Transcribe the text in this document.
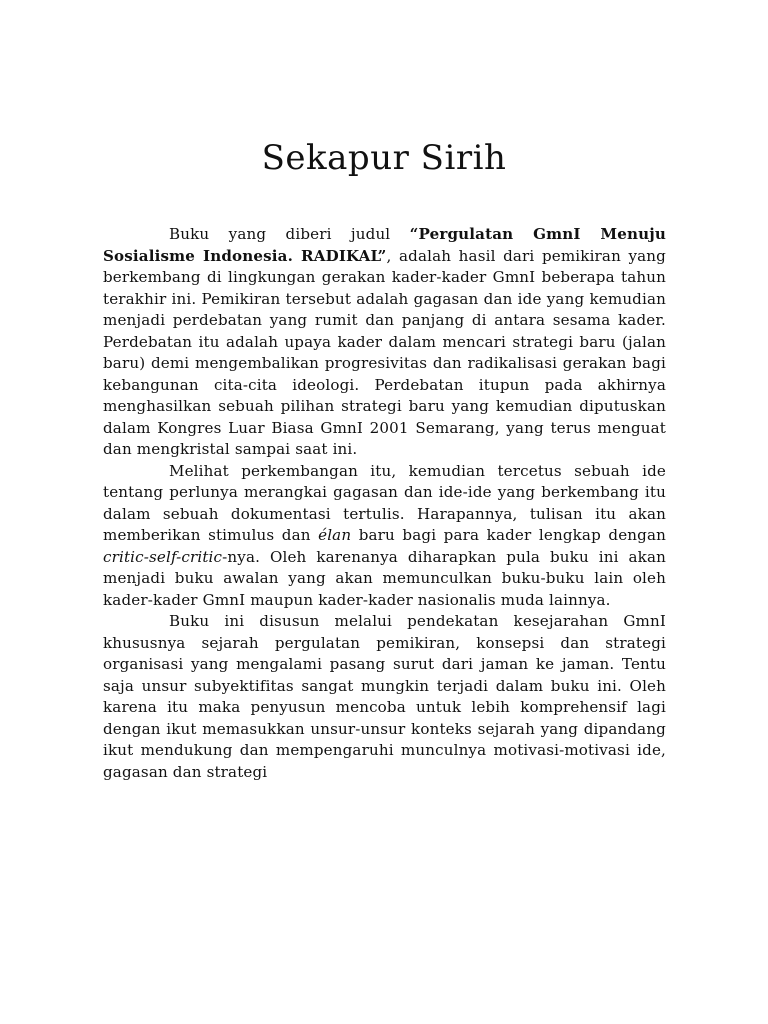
Sekapur Sirih

Buku yang diberi judul “Pergulatan GmnI Menuju Sosialisme Indonesia. RADIKAL”, adalah hasil dari pemikiran yang berkembang di lingkungan gerakan kader-kader GmnI beberapa tahun terakhir ini. Pemikiran tersebut adalah gagasan dan ide yang kemudian menjadi perdebatan yang rumit dan panjang di antara sesama kader. Perdebatan itu adalah upaya kader dalam mencari strategi baru (jalan baru) demi mengembalikan progresivitas dan radikalisasi gerakan bagi kebangunan cita-cita ideologi. Perdebatan itupun pada akhirnya menghasilkan sebuah pilihan strategi baru yang kemudian diputuskan dalam Kongres Luar Biasa GmnI 2001 Semarang, yang terus menguat dan mengkristal sampai saat ini.

Melihat perkembangan itu, kemudian tercetus sebuah ide tentang perlunya merangkai gagasan dan ide-ide yang berkembang itu dalam sebuah dokumentasi tertulis. Harapannya, tulisan itu akan memberikan stimulus dan élan baru bagi para kader lengkap dengan critic-self-critic-nya. Oleh karenanya diharapkan pula buku ini akan menjadi buku awalan yang akan memunculkan buku-buku lain oleh kader-kader GmnI maupun kader-kader nasionalis muda lainnya.

Buku ini disusun melalui pendekatan kesejarahan GmnI khususnya sejarah pergulatan pemikiran, konsepsi dan strategi organisasi yang mengalami pasang surut dari jaman ke jaman. Tentu saja unsur subyektifitas sangat mungkin terjadi dalam buku ini. Oleh karena itu maka penyusun mencoba untuk lebih komprehensif lagi dengan ikut memasukkan unsur-unsur konteks sejarah yang dipandang ikut mendukung dan mempengaruhi munculnya motivasi-motivasi ide, gagasan dan strategi
